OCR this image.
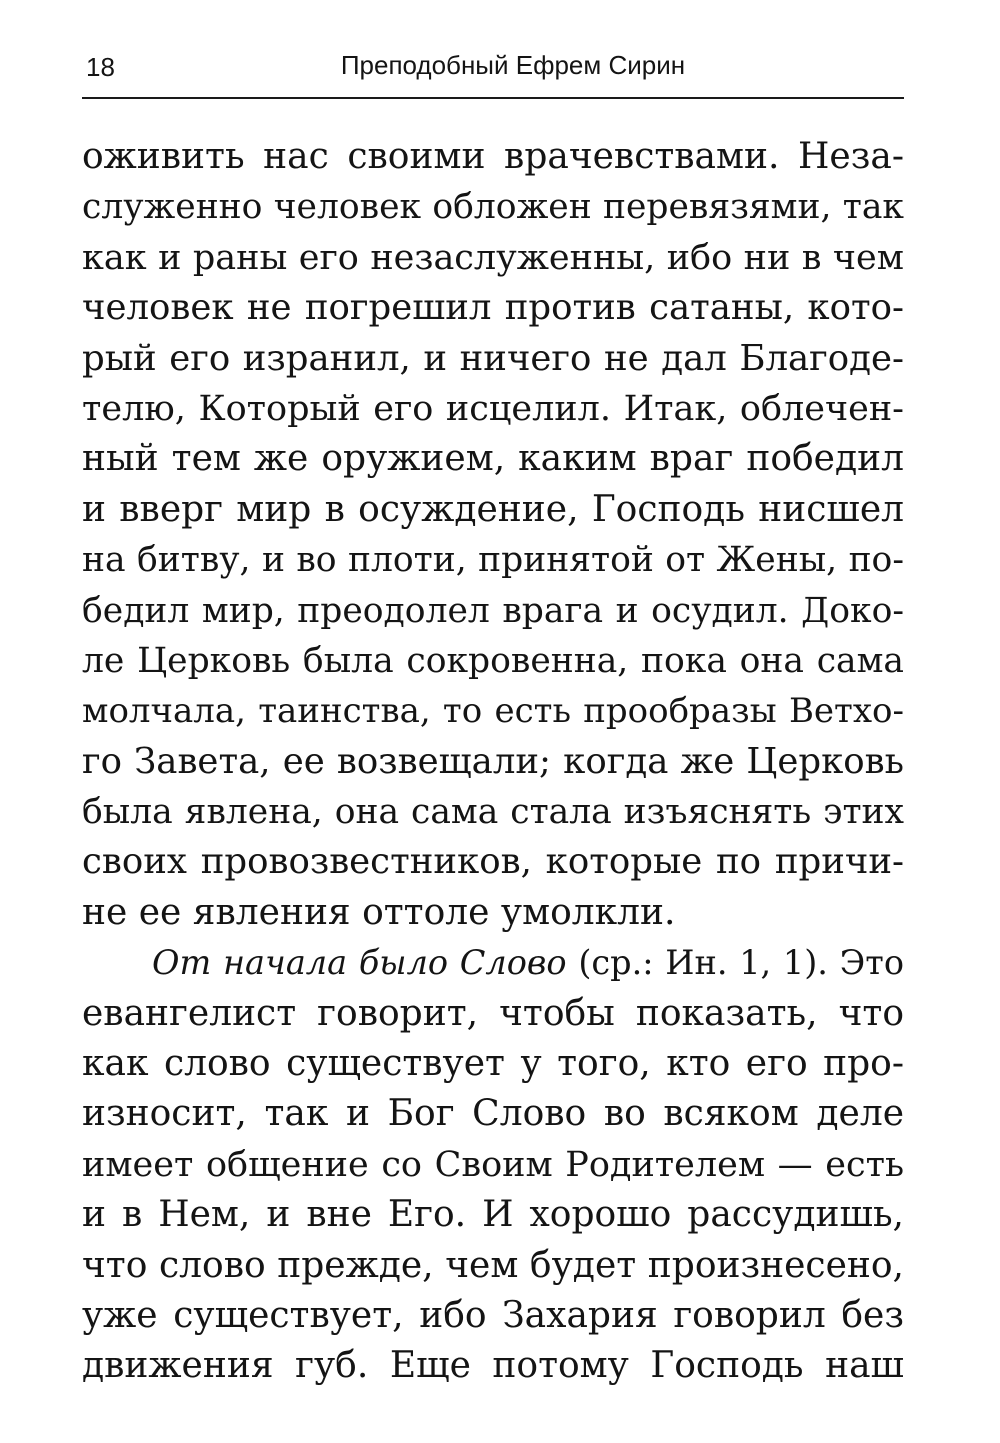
18	Преподобный Ефрем Сирин
оживить нас своими врачевствами. Неза-
служенно человек обложен перевязями, так
как и раны его незаслуженны, ибо ни в чем
человек не погрешил против сатаны, кото-
рый его изранил, и ничего не дал Благоде-
телю, Который его исцелил. Итак, облечен-
ный тем же оружием, каким враг победил
и вверг мир в осуждение, Господь нисшел
на битву, и во плоти, принятой от Жены, по-
бедил мир, преодолел врага и осудил. Доко-
ле Церковь была сокровенна, пока она сама
молчала, таинства, то есть прообразы Ветхо-
го Завета, ее возвещали; когда же Церковь
была явлена, она сама стала изъяснять этих
своих провозвестников, которые по причи-
не ее явления оттоле умолкли.
От начала было Слово (ср.: Ин. 1, 1). Это
евангелист говорит, чтобы показать, что
как слово существует у того, кто его про-
износит, так и Бог Слово во всяком деле
имеет общение со Своим Родителем — есть
и в Нем, и вне Его. И хорошо рассудишь,
что слово прежде, чем будет произнесено,
уже существует, ибо Захария говорил без
движения губ. Еще потому Господь наш
